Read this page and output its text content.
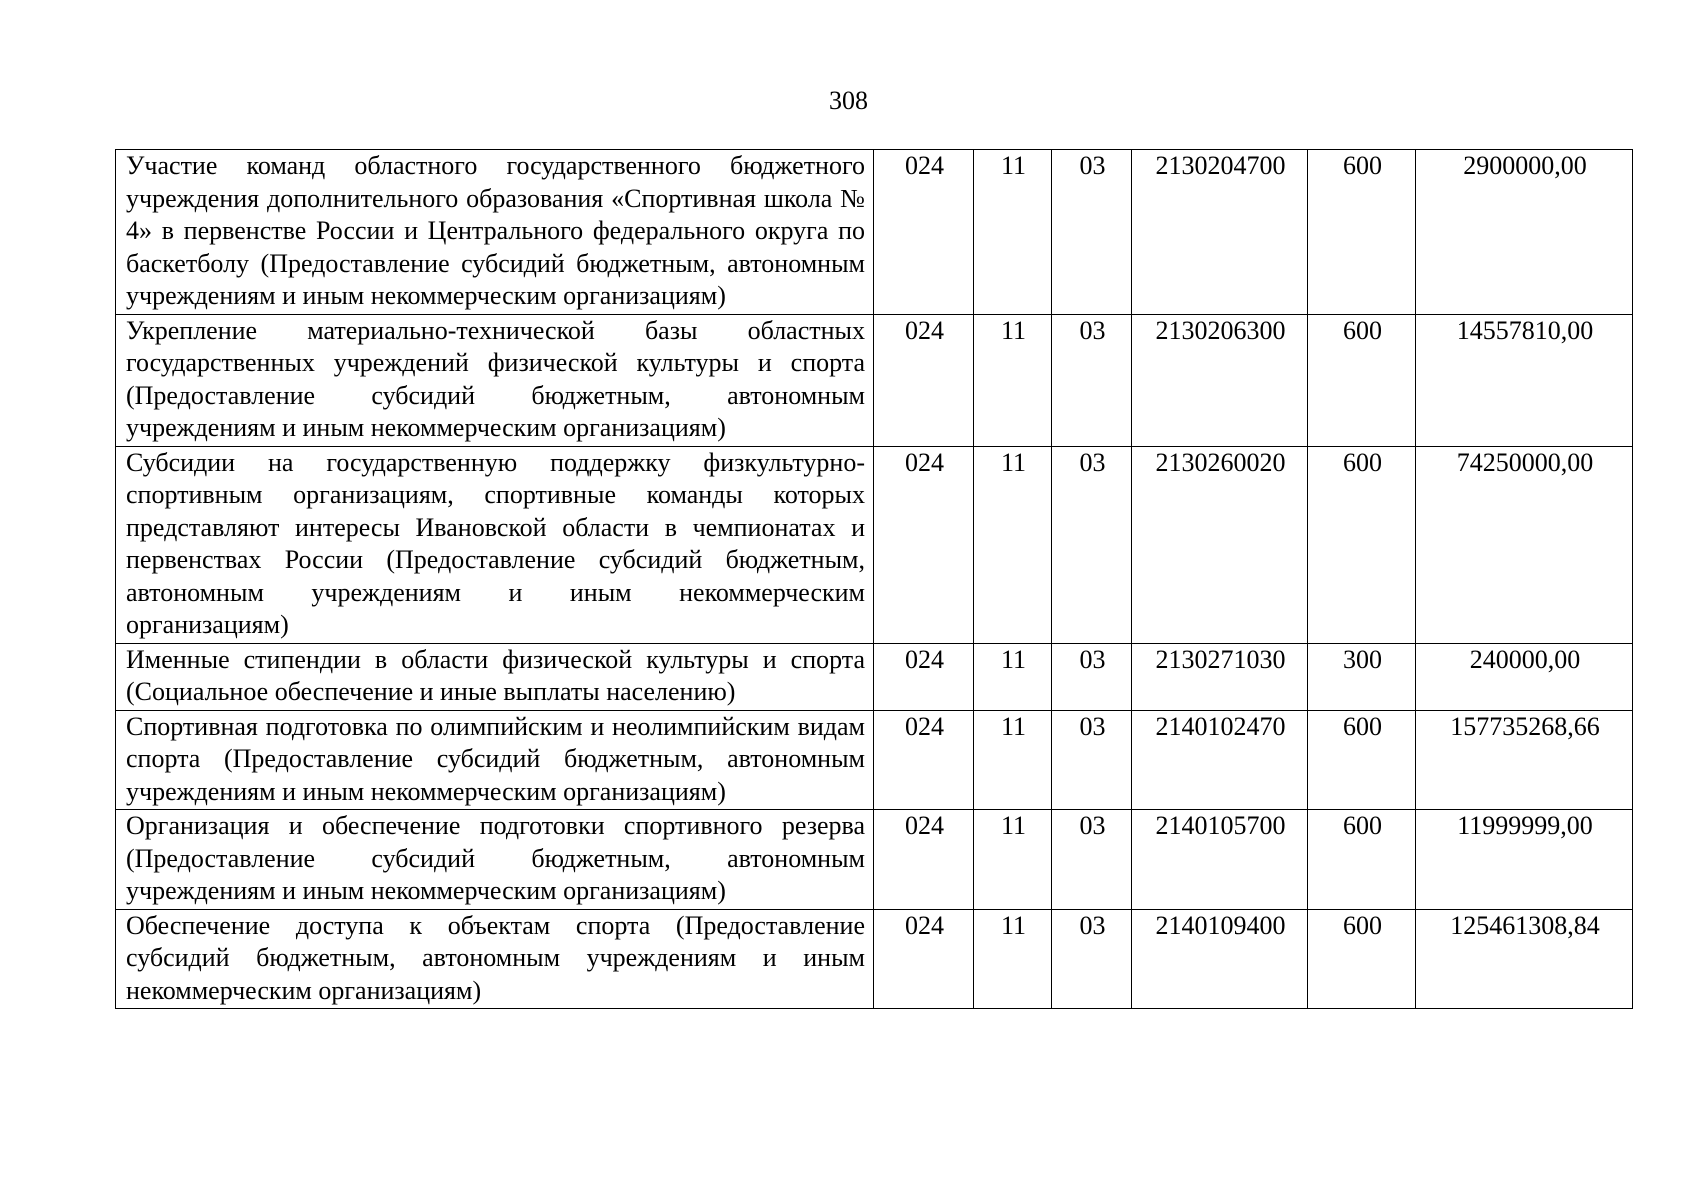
308
Участие команд областного государственного бюджетного учреждения дополнительного образования «Спортивная школа № 4» в первенстве России и Центрального федерального округа по баскетболу (Предоставление субсидий бюджетным, автономным учреждениям и иным некоммерческим организациям)	024	11	03	2130204700	600	2900000,00
Укрепление материально-технической базы областных государственных учреждений физической культуры и спорта (Предоставление субсидий бюджетным, автономным учреждениям и иным некоммерческим организациям)	024	11	03	2130206300	600	14557810,00
Субсидии на государственную поддержку физкультурно-спортивным организациям, спортивные команды которых представляют интересы Ивановской области в чемпионатах и первенствах России (Предоставление субсидий бюджетным, автономным учреждениям и иным некоммерческим организациям)	024	11	03	2130260020	600	74250000,00
Именные стипендии в области физической культуры и спорта (Социальное обеспечение и иные выплаты населению)	024	11	03	2130271030	300	240000,00
Спортивная подготовка по олимпийским и неолимпийским видам спорта (Предоставление субсидий бюджетным, автономным учреждениям и иным некоммерческим организациям)	024	11	03	2140102470	600	157735268,66
Организация и обеспечение подготовки спортивного резерва (Предоставление субсидий бюджетным, автономным учреждениям и иным некоммерческим организациям)	024	11	03	2140105700	600	11999999,00
Обеспечение доступа к объектам спорта (Предоставление субсидий бюджетным, автономным учреждениям и иным некоммерческим организациям)	024	11	03	2140109400	600	125461308,84
